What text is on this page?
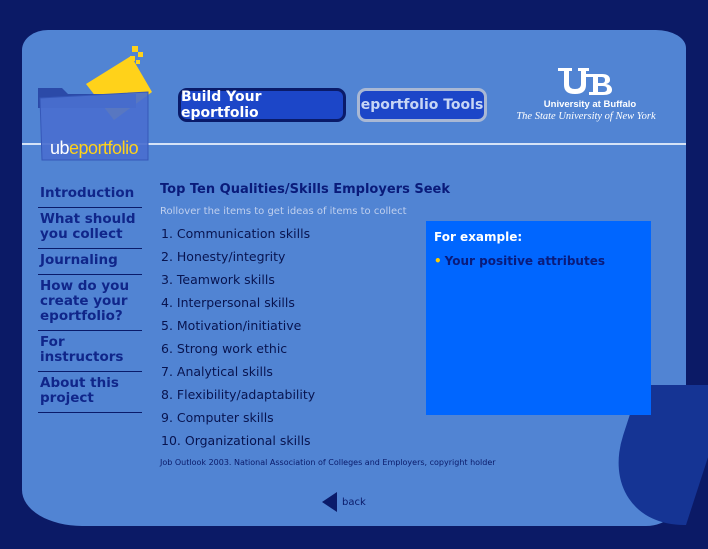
ubeportfolio
Build Your eportfolio	eportfolio Tools	University at Buffalo
The State University of New York
Introduction
What should you collect
Journaling
How do you create your eportfolio?
For instructors
About this project
Top Ten Qualities/Skills Employers Seek
Rollover the items to get ideas of items to collect
1. Communication skills
2. Honesty/integrity
3. Teamwork skills
4. Interpersonal skills
5. Motivation/initiative
6. Strong work ethic
7. Analytical skills
8. Flexibility/adaptability
9. Computer skills
10. Organizational skills
Job Outlook 2003. National Association of Colleges and Employers, copyright holder
For example:
• Your positive attributes
back
